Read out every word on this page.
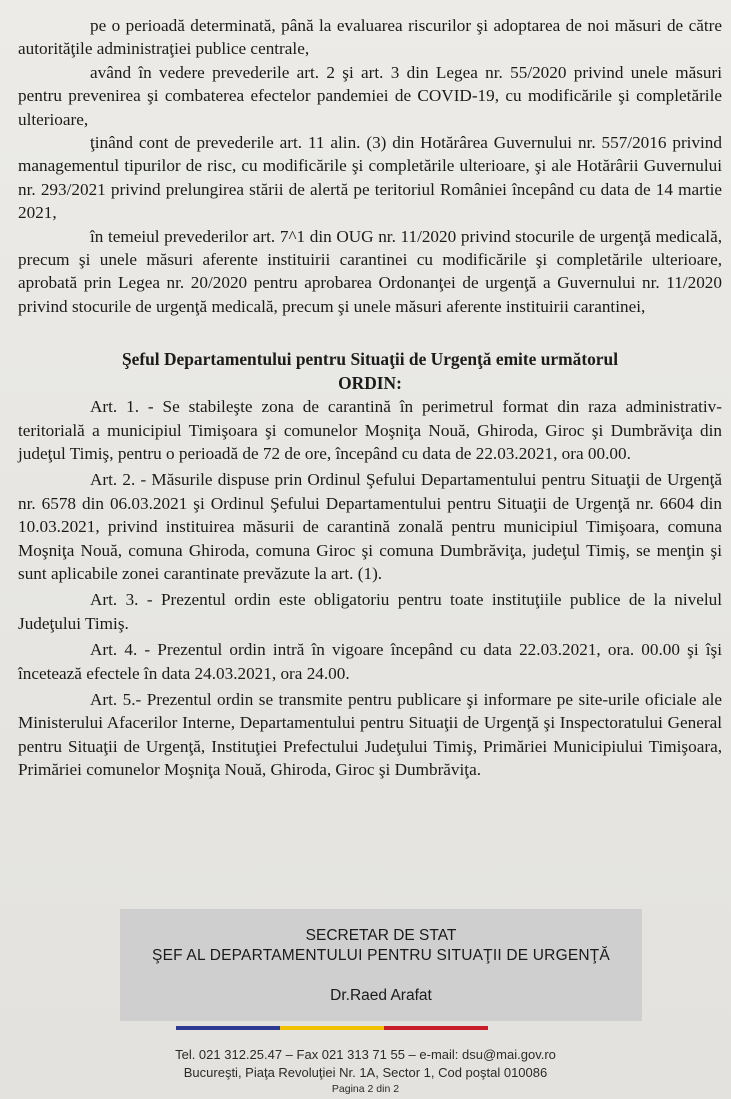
pe o perioadă determinată, până la evaluarea riscurilor şi adoptarea de noi măsuri de către autorităţile administraţiei publice centrale,

având în vedere prevederile art. 2 şi art. 3 din Legea nr. 55/2020 privind unele măsuri pentru prevenirea şi combaterea efectelor pandemiei de COVID-19, cu modificările şi completările ulterioare,

ţinând cont de prevederile art. 11 alin. (3) din Hotărârea Guvernului nr. 557/2016 privind managementul tipurilor de risc, cu modificările şi completările ulterioare, şi ale Hotărârii Guvernului nr. 293/2021 privind prelungirea stării de alertă pe teritoriul României începând cu data de 14 martie 2021,

în temeiul prevederilor art. 7^1 din OUG nr. 11/2020 privind stocurile de urgenţă medicală, precum şi unele măsuri aferente instituirii carantinei cu modificările şi completările ulterioare, aprobată prin Legea nr. 20/2020 pentru aprobarea Ordonanţei de urgenţă a Guvernului nr. 11/2020 privind stocurile de urgenţă medicală, precum şi unele măsuri aferente instituirii carantinei,

Şeful Departamentului pentru Situaţii de Urgenţă emite următorul

ORDIN:

Art. 1. - Se stabileşte zona de carantină în perimetrul format din raza administrativ-teritorială a municipiul Timişoara şi comunelor Moşniţa Nouă, Ghiroda, Giroc şi Dumbrăviţa din judeţul Timiş, pentru o perioadă de 72 de ore, începând cu data de 22.03.2021, ora 00.00.

Art. 2. - Măsurile dispuse prin Ordinul Şefului Departamentului pentru Situaţii de Urgenţă nr. 6578 din 06.03.2021 şi Ordinul Şefului Departamentului pentru Situaţii de Urgenţă nr. 6604 din 10.03.2021, privind instituirea măsurii de carantină zonală pentru municipiul Timişoara, comuna Moşniţa Nouă, comuna Ghiroda, comuna Giroc şi comuna Dumbrăviţa, judeţul Timiş, se menţin şi sunt aplicabile zonei carantinate prevăzute la art. (1).

Art. 3. - Prezentul ordin este obligatoriu pentru toate instituţiile publice de la nivelul Judeţului Timiş.

Art. 4. - Prezentul ordin intră în vigoare începând cu data 22.03.2021, ora. 00.00 şi îşi încetează efectele în data 24.03.2021, ora 24.00.

Art. 5.- Prezentul ordin se transmite pentru publicare şi informare pe site-urile oficiale ale Ministerului Afacerilor Interne, Departamentului pentru Situaţii de Urgenţă şi Inspectoratului General pentru Situaţii de Urgenţă, Instituţiei Prefectului Judeţului Timiş, Primăriei Municipiului Timişoara, Primăriei comunelor Moşniţa Nouă, Ghiroda, Giroc şi Dumbrăviţa.

SECRETAR DE STAT
ŞEF AL DEPARTAMENTULUI PENTRU SITUAŢII DE URGENŢĂ
Dr.Raed Arafat
Tel. 021 312.25.47 – Fax 021 313 71 55 – e-mail: dsu@mai.gov.ro
Bucureşti, Piaţa Revoluţiei Nr. 1A, Sector 1, Cod poştal 010086
Pagina 2 din 2
